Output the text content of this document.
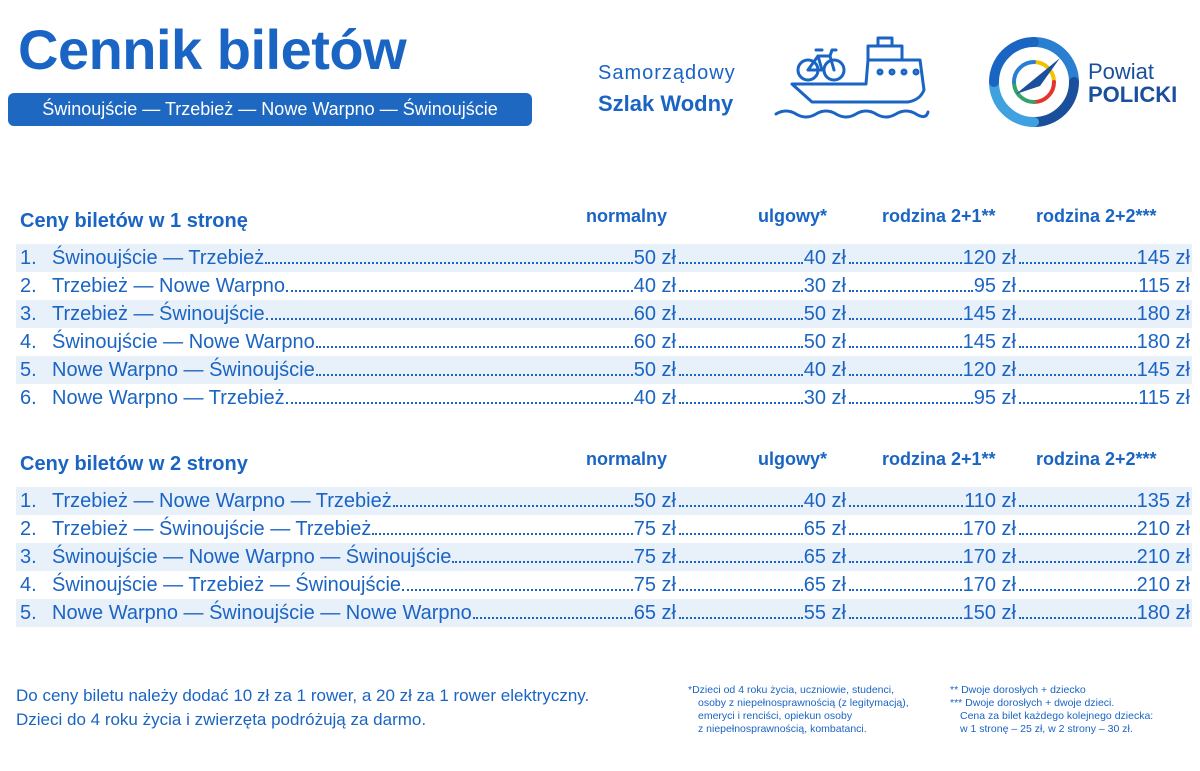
Cennik biletów
Świnoujście — Trzebież — Nowe Warpno — Świnoujście
Samorządowy
Szlak Wodny
Powiat
POLICKI
Ceny biletów w 1 stronę	normalny	ulgowy*	rodzina 2+1** rodzina 2+2***
1. Świnoujście — Trzebież	50 zł	40 zł	120 zł	145 zł
2. Trzebież — Nowe Warpno	40 zł	30 zł	95 zł	115 zł
3. Trzebież — Świnoujście	60 zł	50 zł	145 zł	180 zł
4. Świnoujście — Nowe Warpno	60 zł	50 zł	145 zł	180 zł
5. Nowe Warpno — Świnoujście	50 zł	40 zł	120 zł	145 zł
6. Nowe Warpno — Trzebież	40 zł	30 zł	95 zł	115 zł
Ceny biletów w 2 strony	normalny	ulgowy*	rodzina 2+1** rodzina 2+2***
1. Trzebież — Nowe Warpno — Trzebież	50 zł	40 zł	110 zł	135 zł
2. Trzebież — Świnoujście — Trzebież	75 zł	65 zł	170 zł	210 zł
3. Świnoujście — Nowe Warpno — Świnoujście	75 zł	65 zł	170 zł	210 zł
4. Świnoujście — Trzebież — Świnoujście	75 zł	65 zł	170 zł	210 zł
5. Nowe Warpno — Świnoujście — Nowe Warpno	65 zł	55 zł	150 zł	180 zł
Do ceny biletu należy dodać 10 zł za 1 rower, a 20 zł za 1 rower elektryczny.
Dzieci do 4 roku życia i zwierzęta podróżują za darmo.
*Dzieci od 4 roku życia, uczniowie, studenci,
osoby z niepełnosprawnością (z legitymacją),
emeryci i renciści, opiekun osoby
z niepełnosprawnością, kombatanci.
** Dwoje dorosłych + dziecko
*** Dwoje dorosłych + dwoje dzieci.
Cena za bilet każdego kolejnego dziecka:
w 1 stronę – 25 zł, w 2 strony – 30 zł.
